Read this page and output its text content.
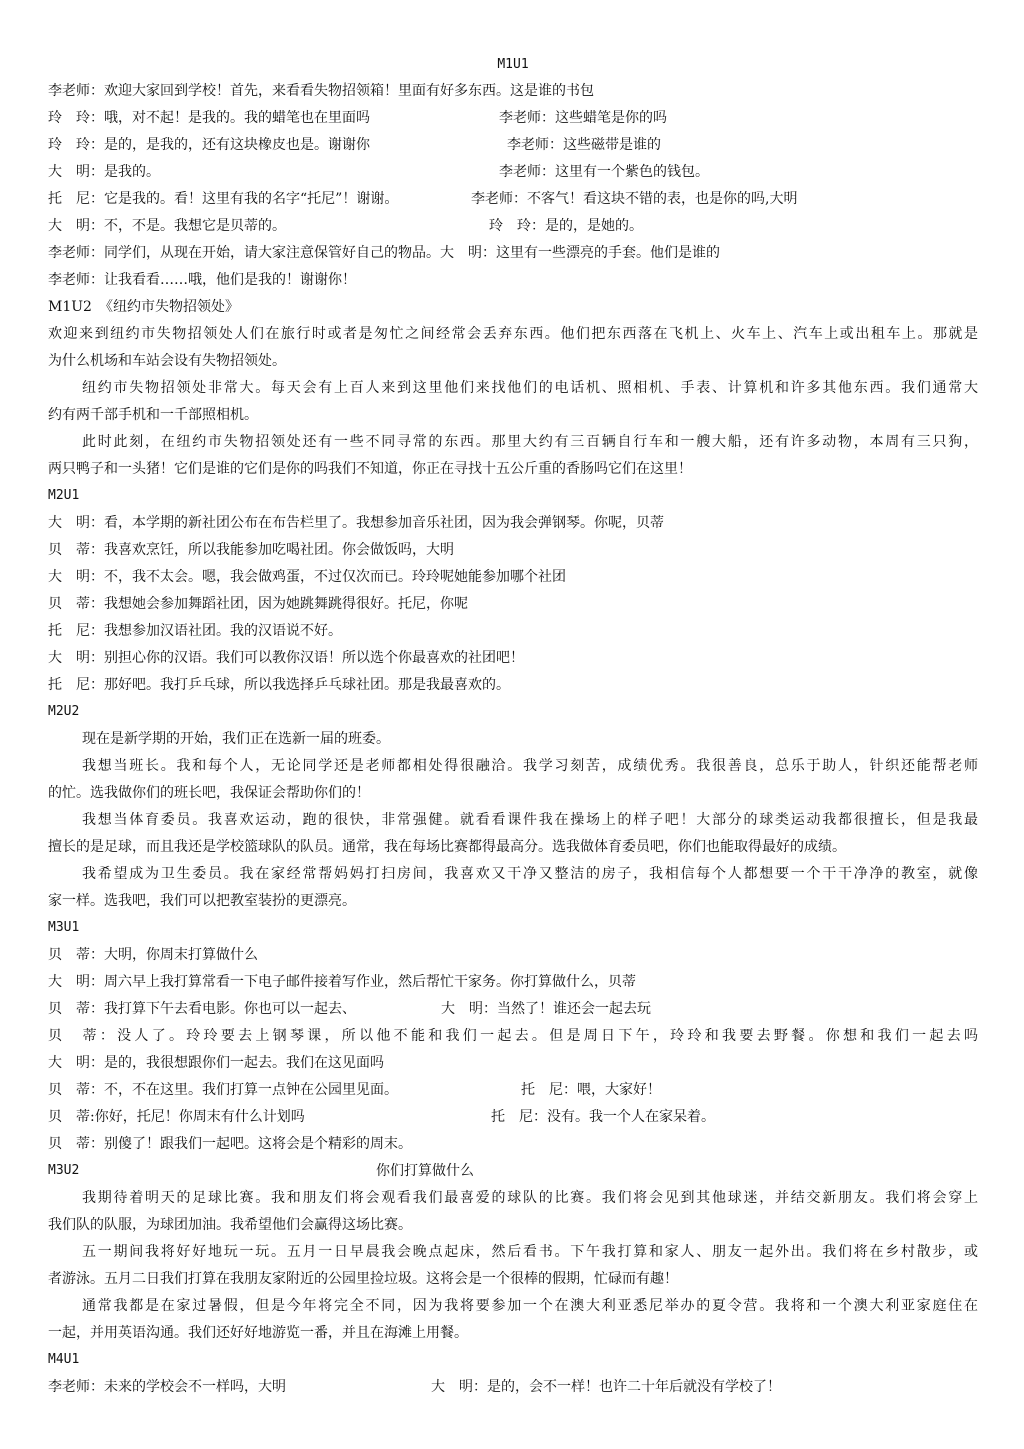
M1U1
李老师：欢迎大家回到学校！首先，来看看失物招领箱！里面有好多东西。这是谁的书包
玲　玲：哦，对不起！是我的。我的蜡笔也在里面吗	李老师：这些蜡笔是你的吗
玲　玲：是的，是我的，还有这块橡皮也是。谢谢你	李老师：这些磁带是谁的
大　明：是我的。	李老师：这里有一个紫色的钱包。
托　尼：它是我的。看！这里有我的名字“托尼”！谢谢。	李老师：不客气！看这块不错的表，也是你的吗,大明
大　明：不，不是。我想它是贝蒂的。	玲　玲：是的，是她的。
李老师：同学们，从现在开始，请大家注意保管好自己的物品。大　明：这里有一些漂亮的手套。他们是谁的
李老师：让我看看……哦，他们是我的！谢谢你！
M1U2　《纽约市失物招领处》
欢迎来到纽约市失物招领处人们在旅行时或者是匆忙之间经常会丢弃东西。他们把东西落在飞机上、火车上、汽车上或出租车上。那就是
为什么机场和车站会设有失物招领处。
纽约市失物招领处非常大。每天会有上百人来到这里他们来找他们的电话机、照相机、手表、计算机和许多其他东西。我们通常大
约有两千部手机和一千部照相机。
此时此刻，在纽约市失物招领处还有一些不同寻常的东西。那里大约有三百辆自行车和一艘大船，还有许多动物，本周有三只狗，
两只鸭子和一头猪！它们是谁的它们是你的吗我们不知道，你正在寻找十五公斤重的香肠吗它们在这里！
M2U1
大　明：看，本学期的新社团公布在布告栏里了。我想参加音乐社团，因为我会弹钢琴。你呢，贝蒂
贝　蒂：我喜欢烹饪，所以我能参加吃喝社团。你会做饭吗，大明
大　明：不，我不太会。嗯，我会做鸡蛋，不过仅次而已。玲玲呢她能参加哪个社团
贝　蒂：我想她会参加舞蹈社团，因为她跳舞跳得很好。托尼，你呢
托　尼：我想参加汉语社团。我的汉语说不好。
大　明：别担心你的汉语。我们可以教你汉语！所以选个你最喜欢的社团吧！
托　尼：那好吧。我打乒乓球，所以我选择乒乓球社团。那是我最喜欢的。
M2U2
现在是新学期的开始，我们正在选新一届的班委。
我想当班长。我和每个人，无论同学还是老师都相处得很融洽。我学习刻苦，成绩优秀。我很善良，总乐于助人，针织还能帮老师
的忙。选我做你们的班长吧，我保证会帮助你们的！
我想当体育委员。我喜欢运动，跑的很快，非常强健。就看看课件我在操场上的样子吧！大部分的球类运动我都很擅长，但是我最
擅长的是足球，而且我还是学校篮球队的队员。通常，我在每场比赛都得最高分。选我做体育委员吧，你们也能取得最好的成绩。
我希望成为卫生委员。我在家经常帮妈妈打扫房间，我喜欢又干净又整洁的房子，我相信每个人都想要一个干干净净的教室，就像
家一样。选我吧，我们可以把教室装扮的更漂亮。
M3U1
贝　蒂：大明，你周末打算做什么
大　明：周六早上我打算常看一下电子邮件接着写作业，然后帮忙干家务。你打算做什么，贝蒂
贝　蒂：我打算下午去看电影。你也可以一起去、	大　明：当然了！谁还会一起去玩
贝　蒂：没人了。玲玲要去上钢琴课，所以他不能和我们一起去。但是周日下午，玲玲和我要去野餐。你想和我们一起去吗
大　明：是的，我很想跟你们一起去。我们在这见面吗
贝　蒂：不，不在这里。我们打算一点钟在公园里见面。	托　尼：喂，大家好！
贝　蒂:你好，托尼！你周末有什么计划吗	托　尼：没有。我一个人在家呆着。
贝　蒂：别傻了！跟我们一起吧。这将会是个精彩的周末。
M3U2	你们打算做什么
我期待着明天的足球比赛。我和朋友们将会观看我们最喜爱的球队的比赛。我们将会见到其他球迷，并结交新朋友。我们将会穿上
我们队的队服，为球团加油。我希望他们会赢得这场比赛。
五一期间我将好好地玩一玩。五月一日早晨我会晚点起床，然后看书。下午我打算和家人、朋友一起外出。我们将在乡村散步，或
者游泳。五月二日我们打算在我朋友家附近的公园里捡垃圾。这将会是一个很棒的假期，忙碌而有趣！
通常我都是在家过暑假，但是今年将完全不同，因为我将要参加一个在澳大利亚悉尼举办的夏令营。我将和一个澳大利亚家庭住在
一起，并用英语沟通。我们还好好地游览一番，并且在海滩上用餐。
M4U1
李老师：未来的学校会不一样吗，大明	大　明：是的，会不一样！也许二十年后就没有学校了！
